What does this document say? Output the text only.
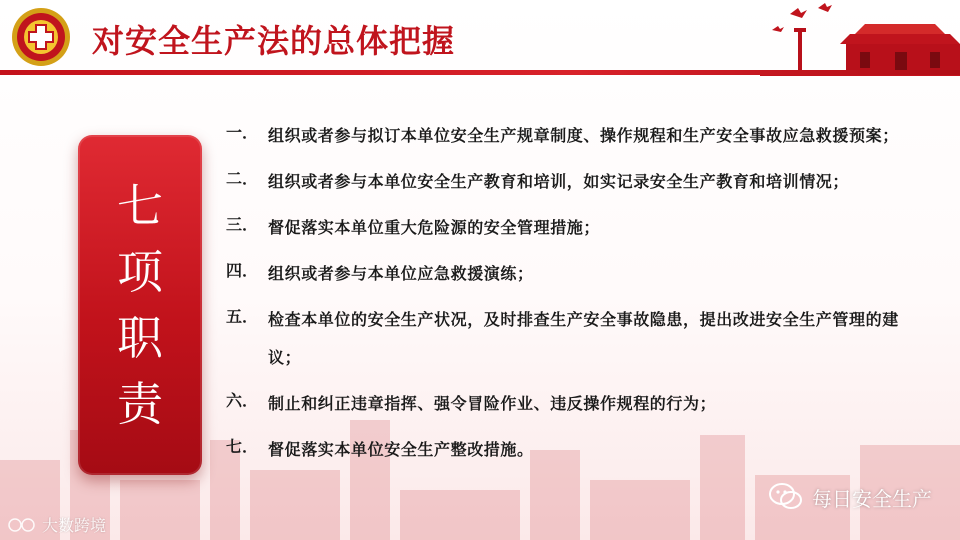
对安全生产法的总体把握
七
项
职
责
一． 组织或者参与拟订本单位安全生产规章制度、操作规程和生产安全事故应急救援预案；
二． 组织或者参与本单位安全生产教育和培训，如实记录安全生产教育和培训情况；
三． 督促落实本单位重大危险源的安全管理措施；
四． 组织或者参与本单位应急救援演练；
五． 检查本单位的安全生产状况，及时排查生产安全事故隐患，提出改进安全生产管理的建议；
六． 制止和纠正违章指挥、强令冒险作业、违反操作规程的行为；
七． 督促落实本单位安全生产整改措施。
每日安全生产
大数跨境
